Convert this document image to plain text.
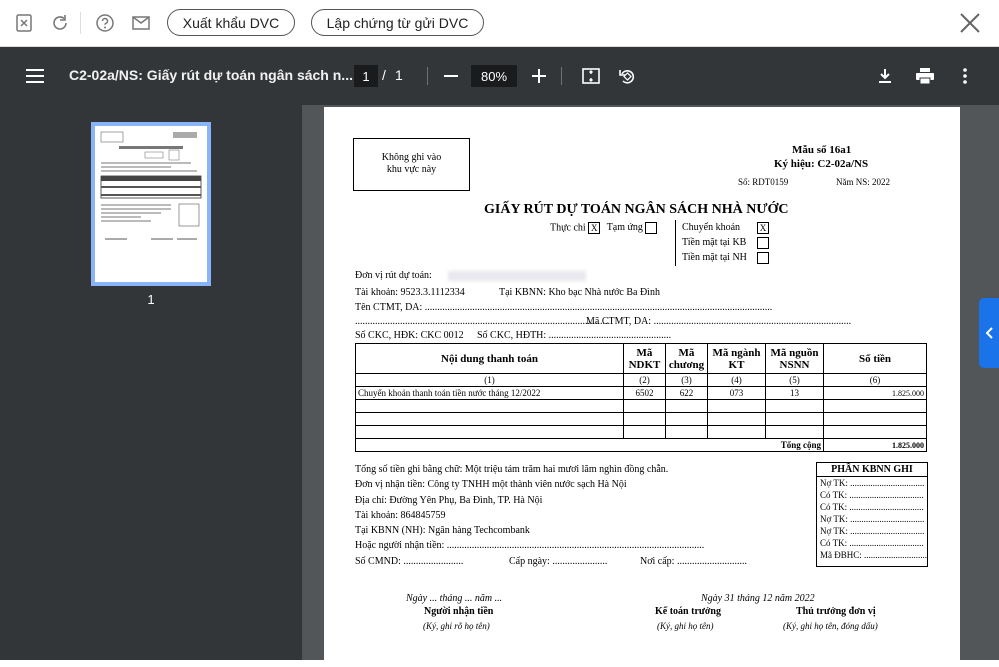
Xuất khẩu DVC	Lập chứng từ gửi DVC
C2-02a/NS: Giấy rút dự toán ngân sách n... 1 / 1	80%
1
Không ghi vào
khu vực này
Mẫu số 16a1
Ký hiệu: C2-02a/NS
Số: RDT0159	Năm NS: 2022
GIẤY RÚT DỰ TOÁN NGÂN SÁCH NHÀ NƯỚC
Thực chi X Tạm ứng	Chuyển khoản	X
Tiền mặt tại KB
Tiền mặt tại NH
Đơn vị rút dự toán:
Tài khoản: 9523.3.1112334	Tại KBNN: Kho bạc Nhà nước Ba Đình
Tên CTMT, DA: ...........................................................................................................................................
......................................................................................................
Mã CTMT, DA: ...............................................................................
Số CKC, HĐK: CKC 0012 Số CKC, HĐTH: .................................................
Nội dung thanh toán	Mã NDKT	Mã chương	Mã ngành KT	Mã nguồn NSNN	Số tiền
(1)	(2)	(3)	(4)	(5)	(6)
Chuyển khoản thanh toán tiền nước tháng 12/2022	6502	622	073	13	1.825.000

Tổng cộng					1.825.000
Tổng số tiền ghi bằng chữ: Một triệu tám trăm hai mươi lăm nghìn đồng chẵn.
Đơn vị nhận tiền: Công ty TNHH một thành viên nước sạch Hà Nội
Địa chỉ: Đường Yên Phụ, Ba Đình, TP. Hà Nội
Tài khoản: 864845759
Tại KBNN (NH): Ngân hàng Techcombank
Hoặc người nhận tiền: .......................................................................................................
Số CMND: ........................	Cấp ngày: ......................	Nơi cấp: ............................
PHẦN KBNN GHI
Nợ TK: .................................
Có TK: .................................
Có TK: .................................
Nợ TK: .................................
Nợ TK: .................................
Có TK: .................................
Mã ĐBHC: ............................
Ngày ... tháng ... năm ...	Ngày 31 tháng 12 năm 2022
Người nhận tiền
(Ký, ghi rõ họ tên)
Kế toán trưởng
(Ký, ghi họ tên)
Thủ trưởng đơn vị
(Ký, ghi họ tên, đóng dấu)
